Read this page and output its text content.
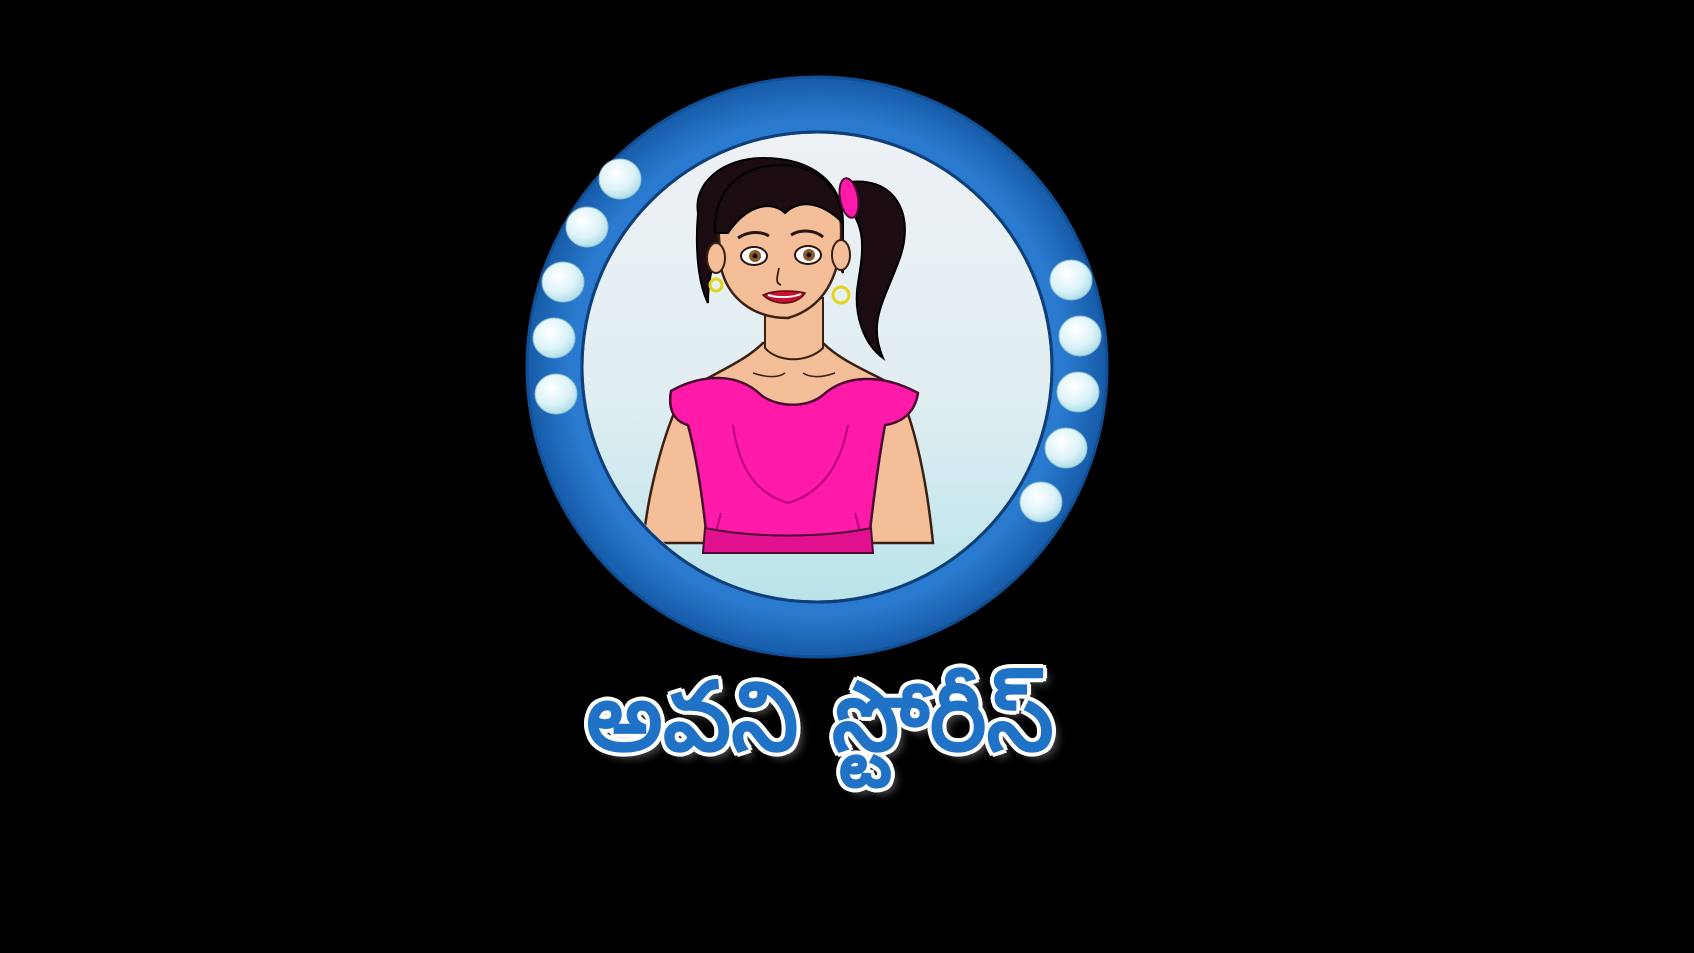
అవని స్టోరీస్
